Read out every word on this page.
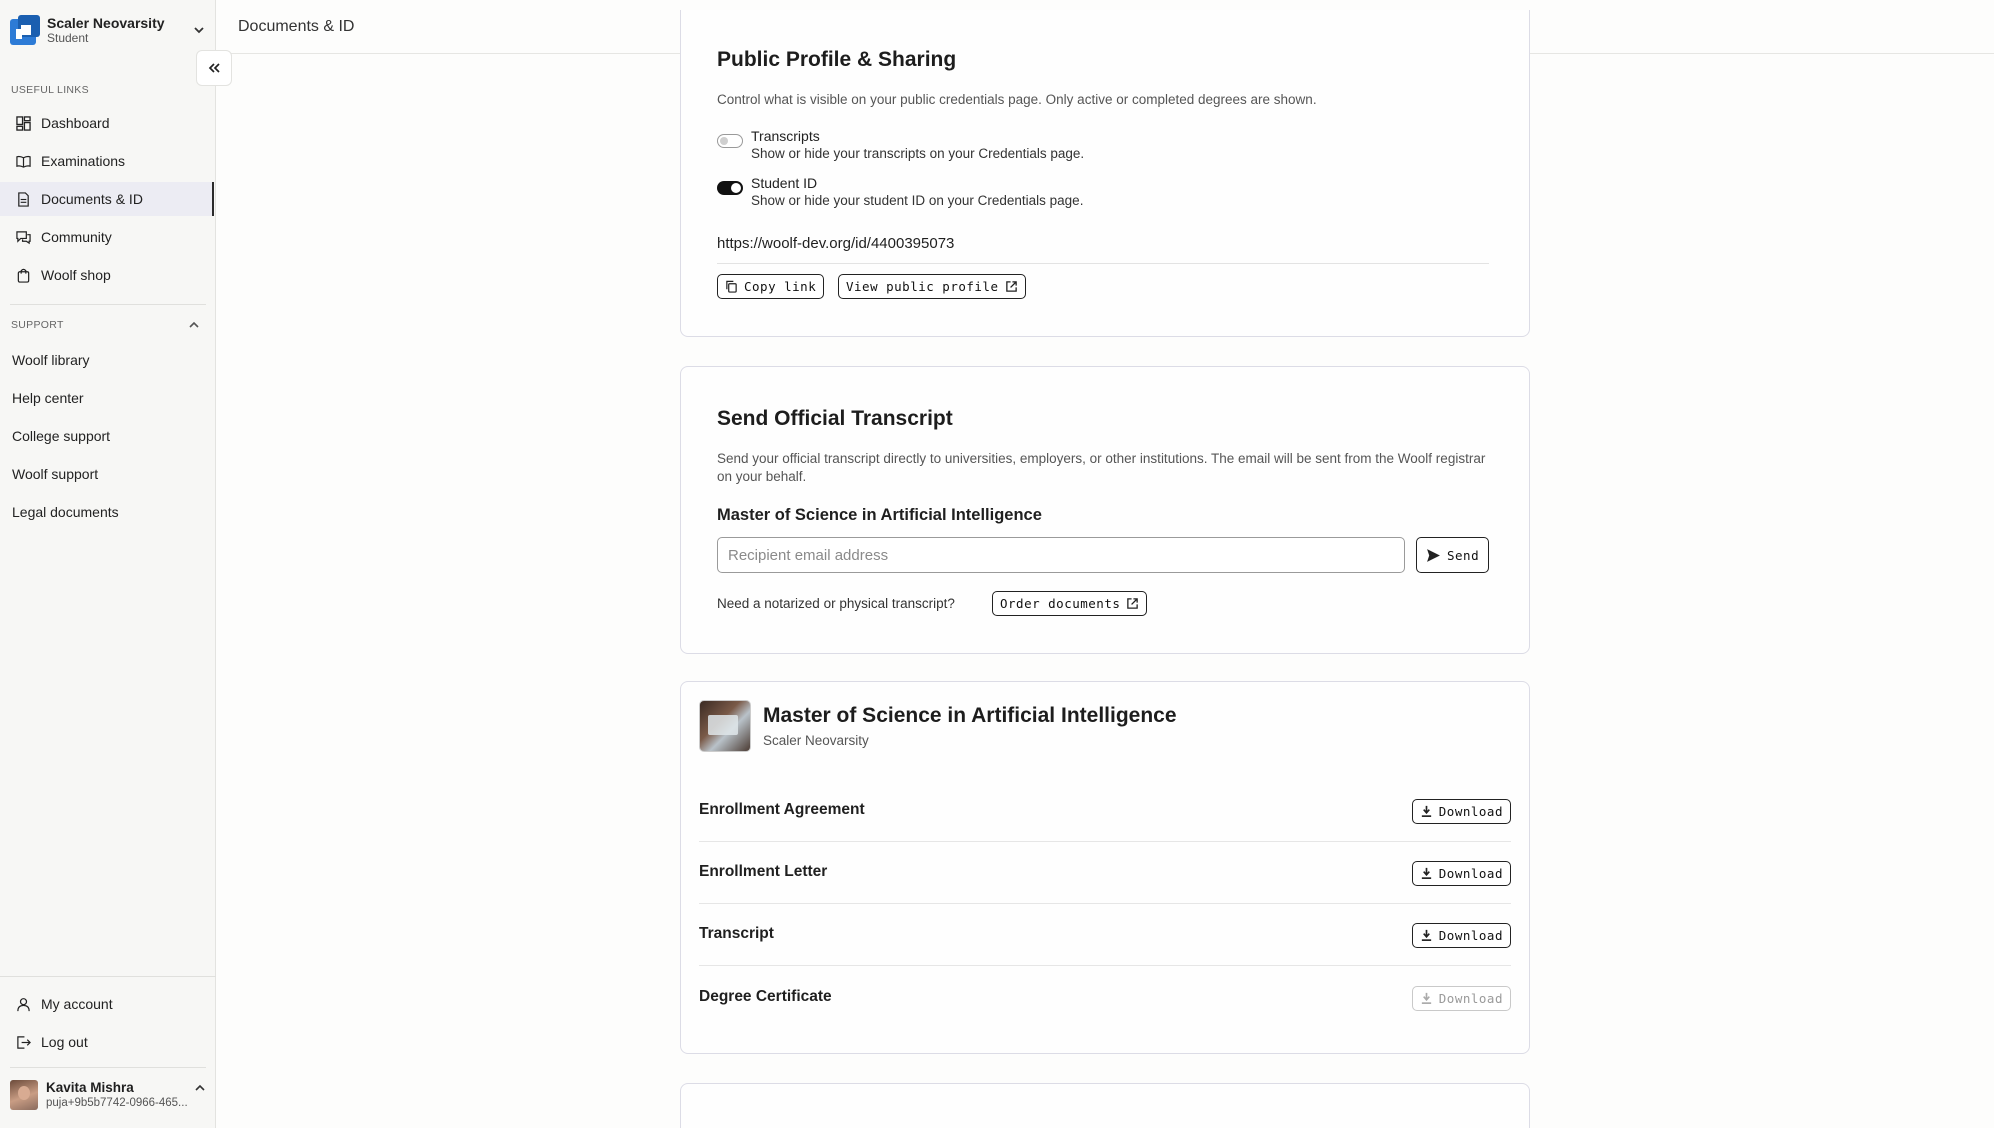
Scaler Neovarsity
Student
USEFUL LINKS
Dashboard
Examinations
Documents & ID
Community
Woolf shop
SUPPORT
Woolf library
Help center
College support
Woolf support
Legal documents
My account
Log out
Kavita Mishra
puja+9b5b7742-0966-465...
Documents & ID
Public Profile & Sharing
Control what is visible on your public credentials page. Only active or completed degrees are shown.
Transcripts
Show or hide your transcripts on your Credentials page.
Student ID
Show or hide your student ID on your Credentials page.
https://woolf-dev.org/id/4400395073
Copy link View public profile
Send Official Transcript
Send your official transcript directly to universities, employers, or other institutions. The email will be sent from the Woolf registrar on your behalf.
Master of Science in Artificial Intelligence
Recipient email address
Send
Need a notarized or physical transcript?	Order documents
Master of Science in Artificial Intelligence
Scaler Neovarsity
Enrollment Agreement	Download
Enrollment Letter	Download
Transcript	Download
Degree Certificate	Download
